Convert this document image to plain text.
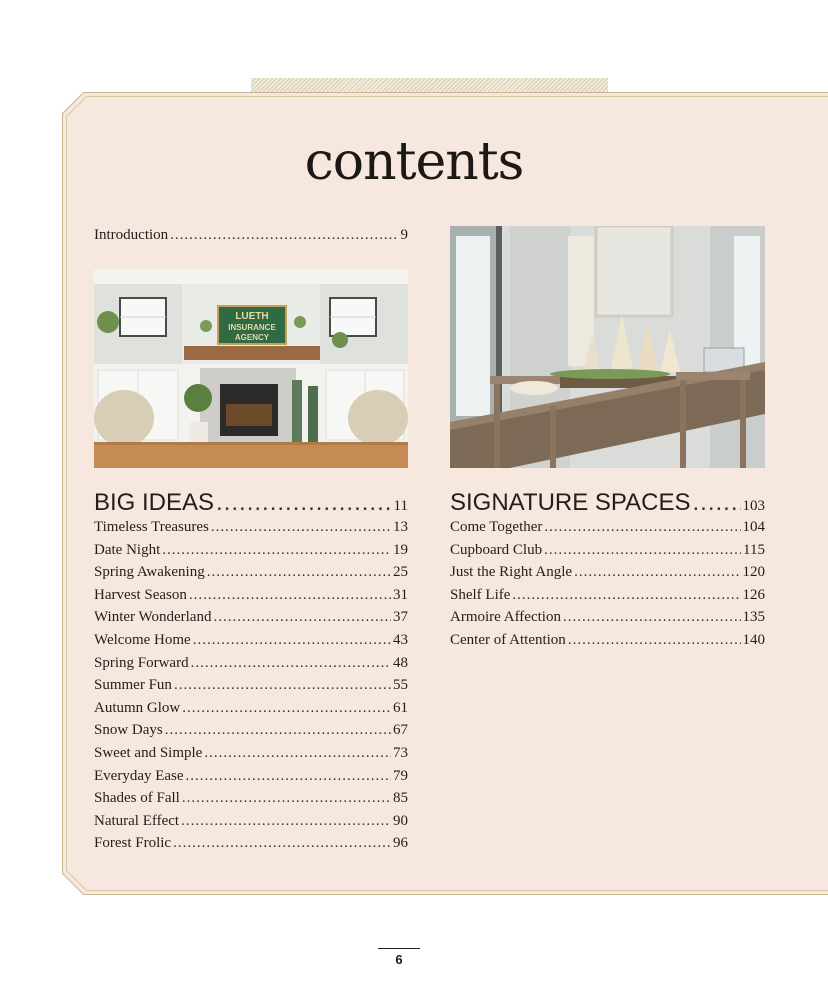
contents
Introduction .....	9
LUETH
INSURANCE
AGENCY
BIG IDEAS .....	11
Timeless Treasures .....	13
Date Night .....	19
Spring Awakening .....	25
Harvest Season .....	31
Winter Wonderland .....	37
Welcome Home .....	43
Spring Forward .....	48
Summer Fun .....	55
Autumn Glow .....	61
Snow Days .....	67
Sweet and Simple .....	73
Everyday Ease .....	79
Shades of Fall .....	85
Natural Effect .....	90
Forest Frolic .....	96
SIGNATURE SPACES .....	103
Come Together .....	104
Cupboard Club .....	115
Just the Right Angle .....	120
Shelf Life .....	126
Armoire Affection .....	135
Center of Attention .....	140
6
